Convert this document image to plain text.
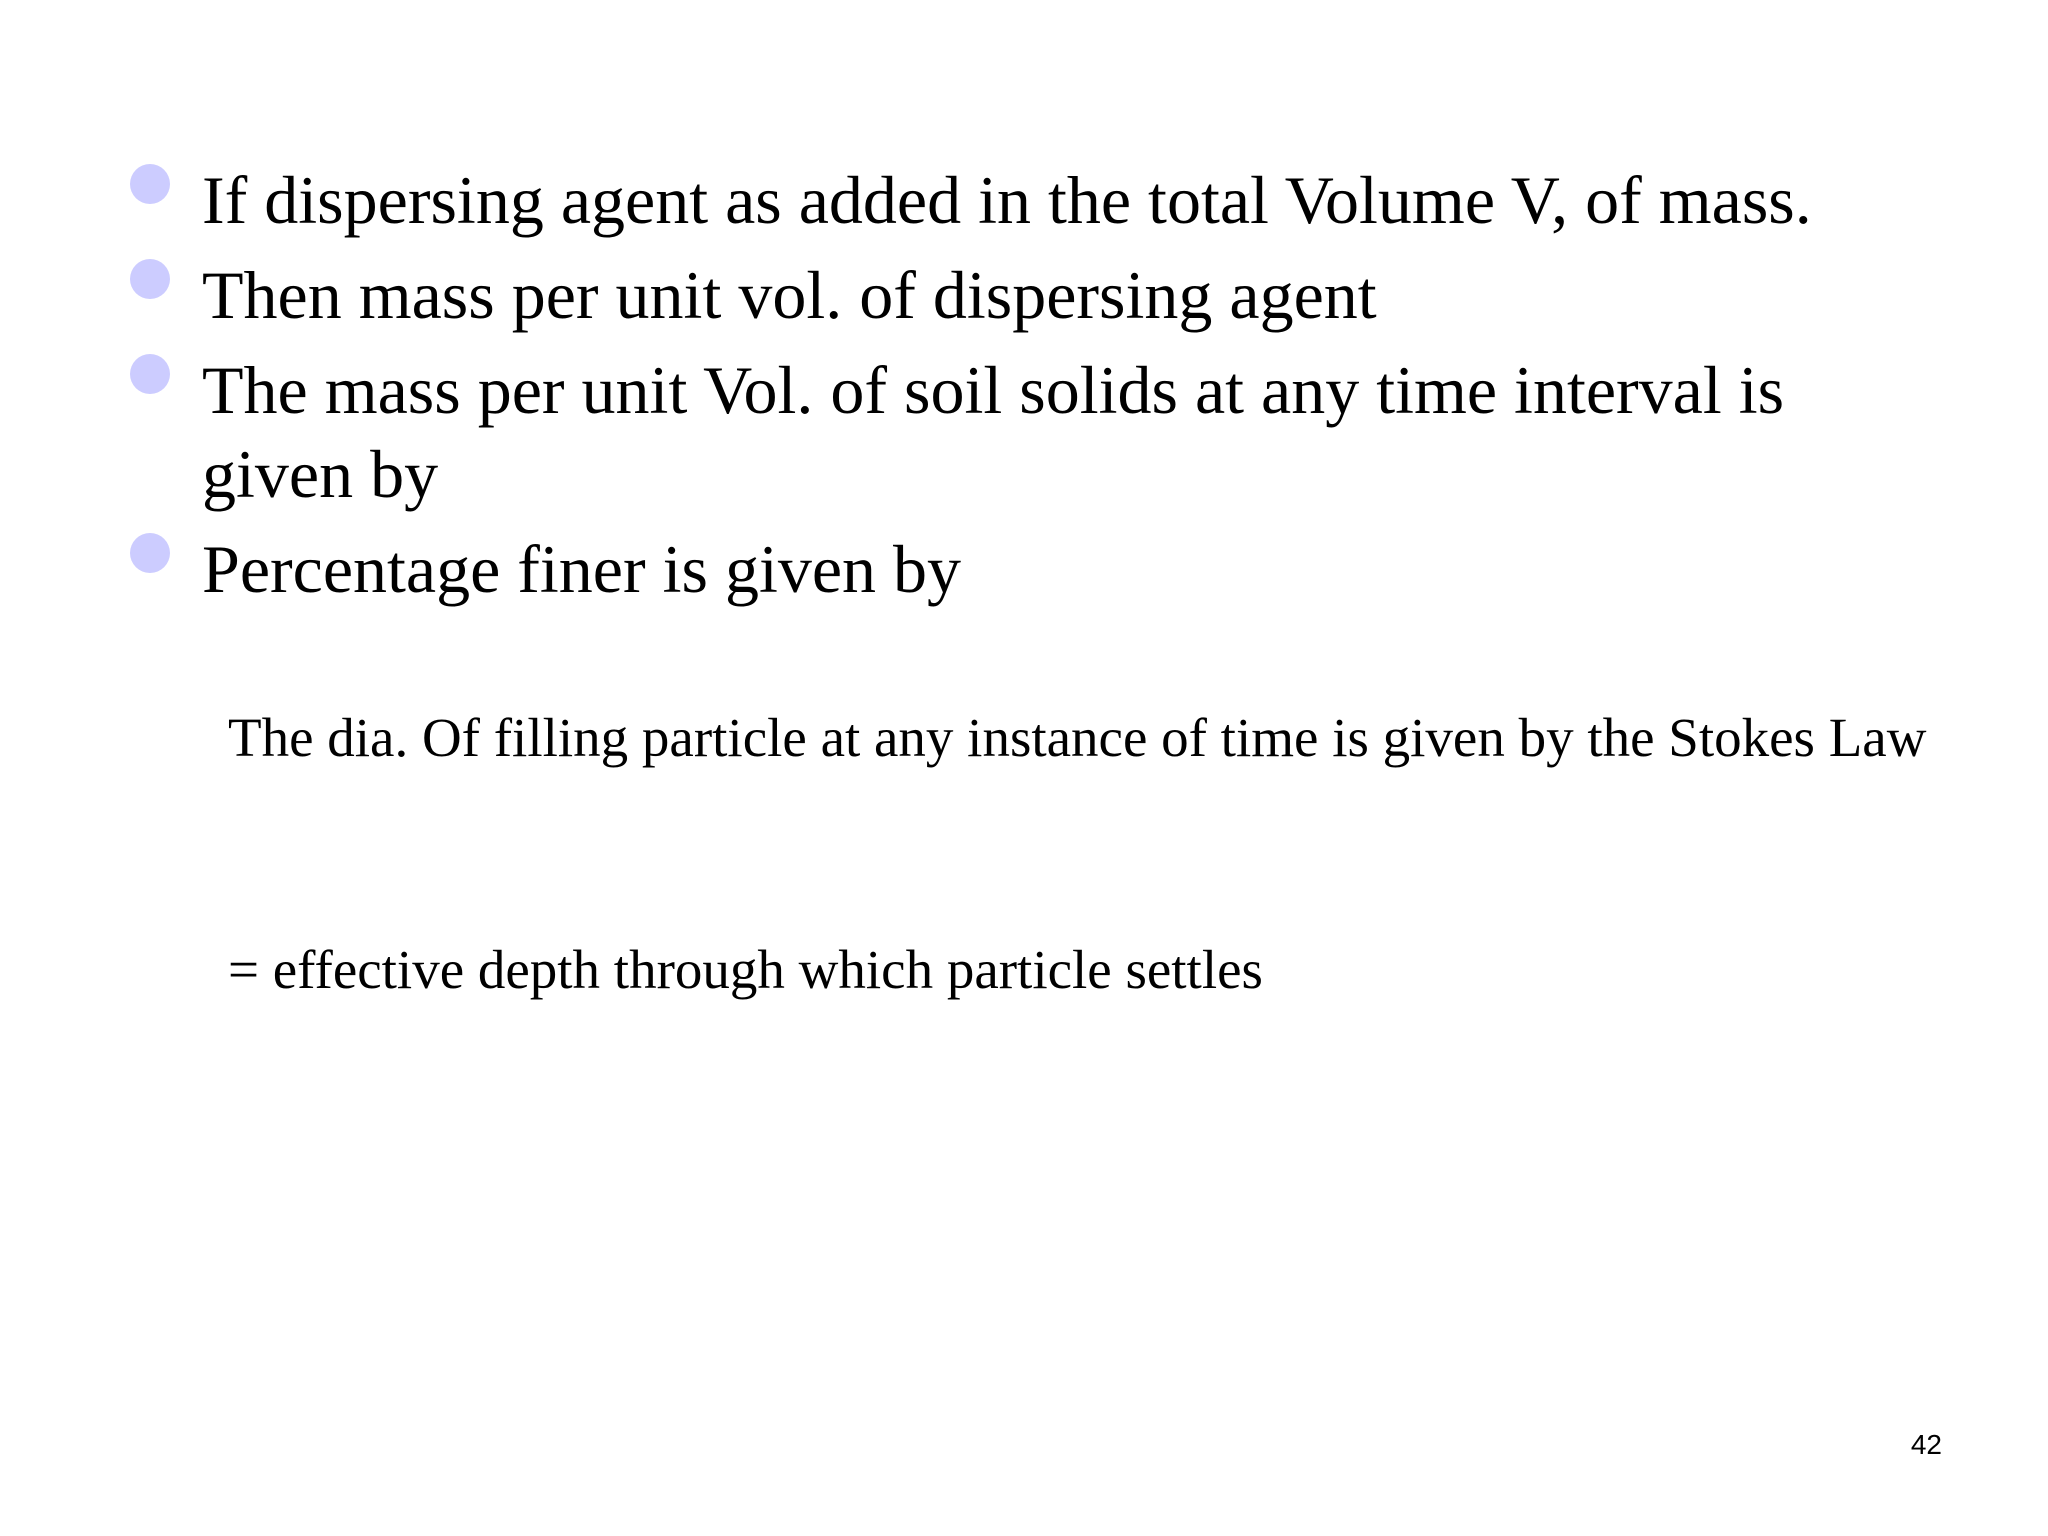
If dispersing agent as added in the total Volume V, of mass.
Then mass per unit vol. of dispersing agent
The mass per unit Vol. of soil solids at any time interval is given by
Percentage finer is given by
The dia. Of filling particle at any instance of time is given by the Stokes Law
= effective depth through which particle settles
42
